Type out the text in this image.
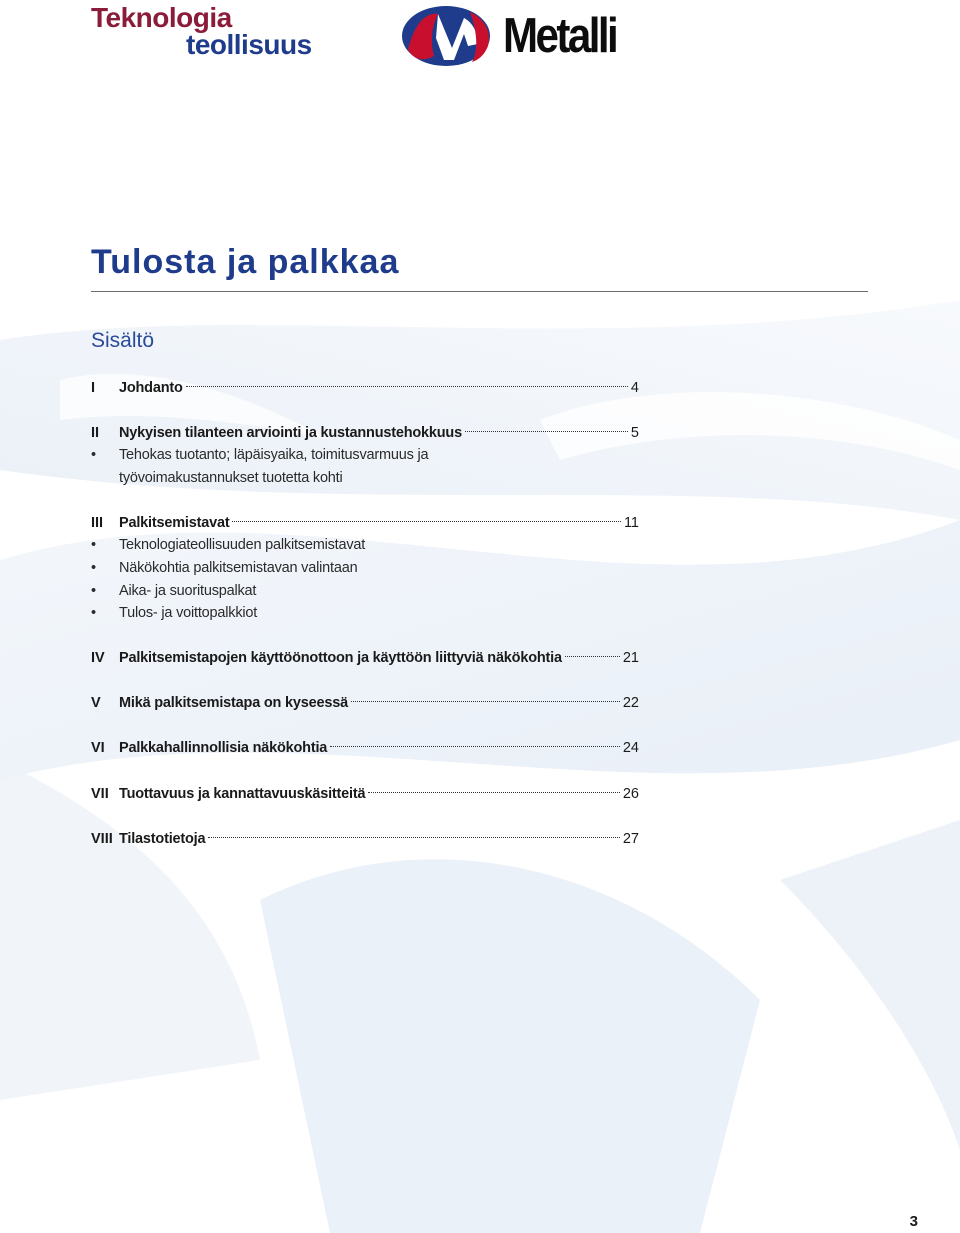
Teknologia
teollisuus	Metalli
Tulosta ja palkkaa
Sisältö
I Johdanto	4
II Nykyisen tilanteen arviointi ja kustannustehokkuus	5
•	Tehokas tuotanto; läpäisyaika, toimitusvarmuus ja työvoimakustannukset tuotetta kohti
III Palkitsemistavat	11
•	Teknologiateollisuuden palkitsemistavat
•	Näkökohtia palkitsemistavan valintaan
•	Aika- ja suorituspalkat
•	Tulos- ja voittopalkkiot
IV Palkitsemistapojen käyttöönottoon ja käyttöön liittyviä näkökohtia	21
V Mikä palkitsemistapa on kyseessä	22
VI Palkkahallinnollisia näkökohtia	24
VII Tuottavuus ja kannattavuuskäsitteitä	26
VIII Tilastotietoja	27
3
